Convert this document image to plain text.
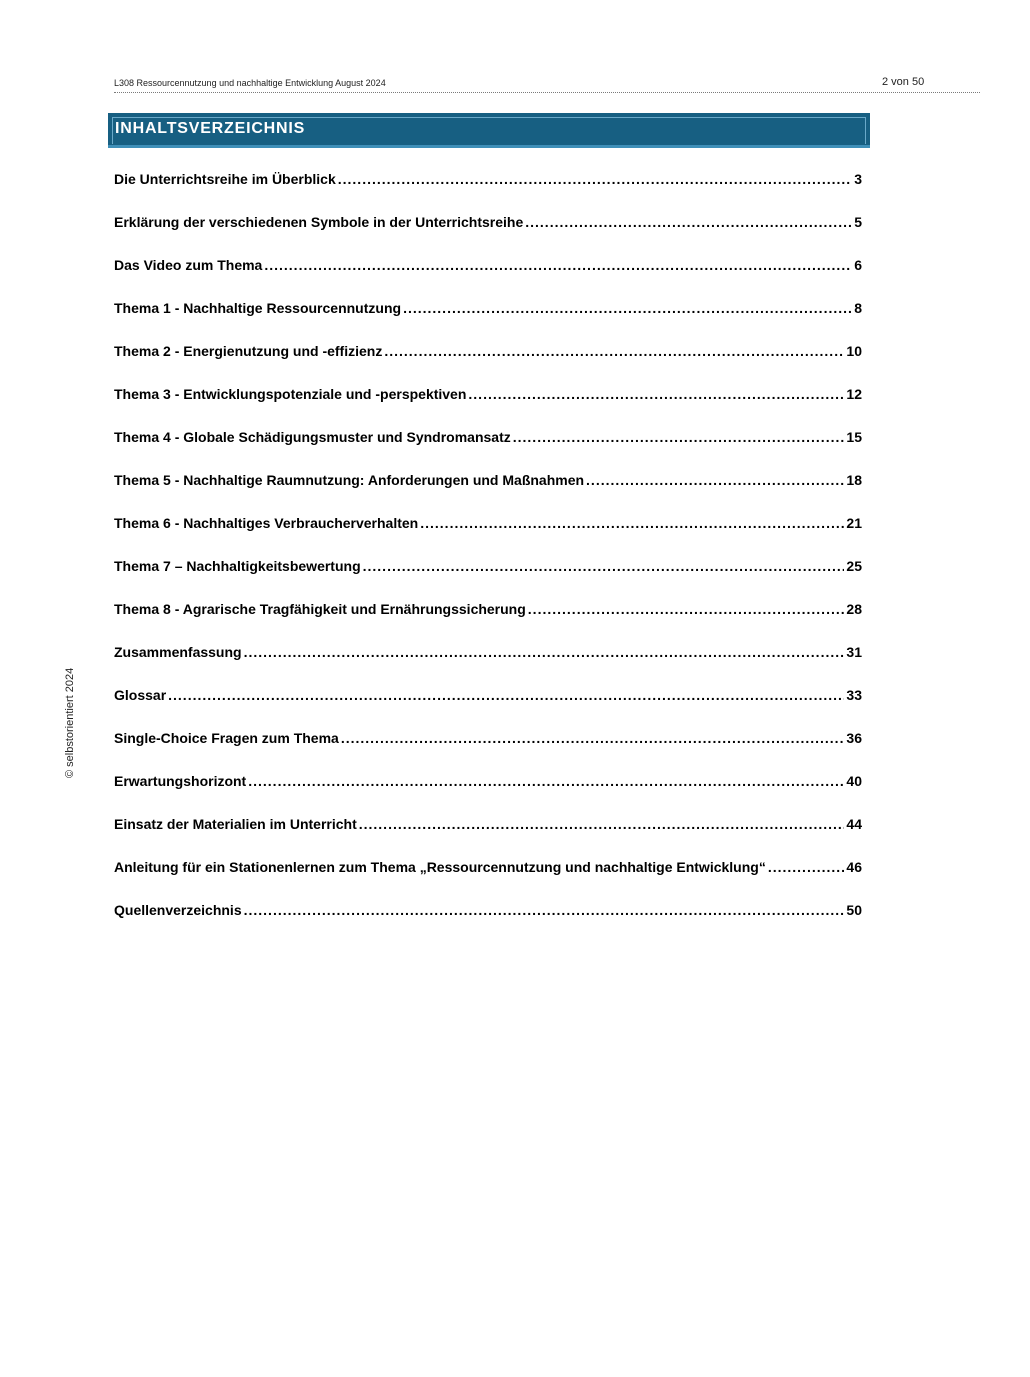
L308 Ressourcennutzung und nachhaltige Entwicklung August 2024	2 von 50
INHALTSVERZEICHNIS
Die Unterrichtsreihe im Überblick .....	3
Erklärung der verschiedenen Symbole in der Unterrichtsreihe .....	5
Das Video zum Thema .....	6
Thema 1 - Nachhaltige Ressourcennutzung .....	8
Thema 2 - Energienutzung und -effizienz .....	10
Thema 3 - Entwicklungspotenziale und -perspektiven .....	12
Thema 4 - Globale Schädigungsmuster und Syndromansatz .....	15
Thema 5 - Nachhaltige Raumnutzung: Anforderungen und Maßnahmen .....	18
Thema 6 - Nachhaltiges Verbraucherverhalten .....	21
Thema 7 – Nachhaltigkeitsbewertung .....	25
Thema 8 - Agrarische Tragfähigkeit und Ernährungssicherung .....	28
Zusammenfassung .....	31
Glossar .....	33
Single-Choice Fragen zum Thema .....	36
Erwartungshorizont .....	40
Einsatz der Materialien im Unterricht .....	44
Anleitung für ein Stationenlernen zum Thema „Ressourcennutzung und nachhaltige Entwicklung“ .....	46
Quellenverzeichnis .....	50
© selbstorientiert 2024
